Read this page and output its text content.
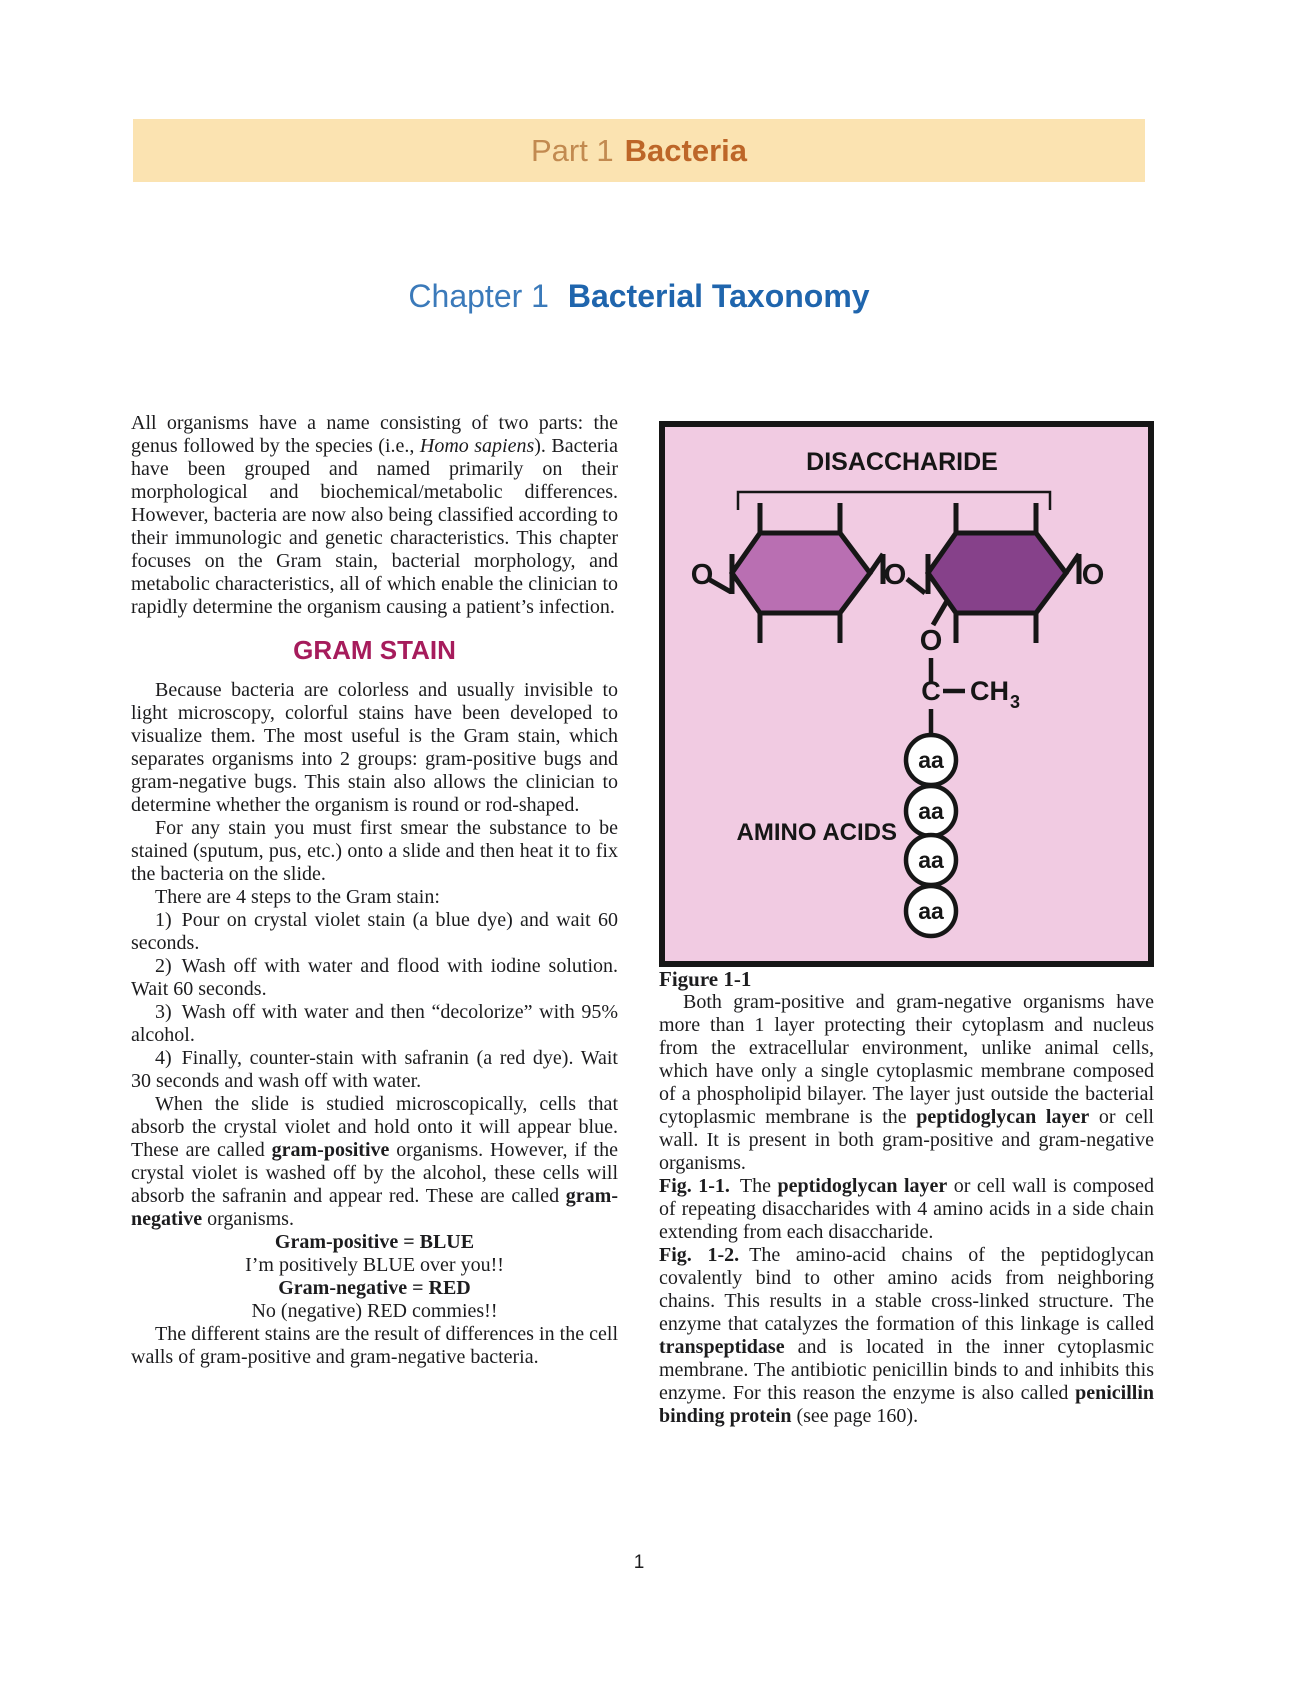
Part 1 Bacteria
Chapter 1 Bacterial Taxonomy

All organisms have a name consisting of two parts: the genus followed by the species (i.e., Homo sapiens). Bacteria have been grouped and named primarily on their morphological and biochemical/metabolic differences. However, bacteria are now also being classified according to their immunologic and genetic characteristics. This chapter focuses on the Gram stain, bacterial morphology, and metabolic characteristics, all of which enable the clinician to rapidly determine the organism causing a patient’s infection.

GRAM STAIN

Because bacteria are colorless and usually invisible to light microscopy, colorful stains have been developed to visualize them. The most useful is the Gram stain, which separates organisms into 2 groups: gram-positive bugs and gram-negative bugs. This stain also allows the clinician to determine whether the organism is round or rod-shaped.

For any stain you must first smear the substance to be stained (sputum, pus, etc.) onto a slide and then heat it to fix the bacteria on the slide.

There are 4 steps to the Gram stain:

1) Pour on crystal violet stain (a blue dye) and wait 60 seconds.

2) Wash off with water and flood with iodine solution. Wait 60 seconds.

3) Wash off with water and then “decolorize” with 95% alcohol.

4) Finally, counter-stain with safranin (a red dye). Wait 30 seconds and wash off with water.

When the slide is studied microscopically, cells that absorb the crystal violet and hold onto it will appear blue. These are called gram-positive organisms. However, if the crystal violet is washed off by the alcohol, these cells will absorb the safranin and appear red. These are called gram-negative organisms.

Gram-positive = BLUE
I’m positively BLUE over you!!

Gram-negative = RED
No (negative) RED commies!!

The different stains are the result of differences in the cell walls of gram-positive and gram-negative bacteria.

DISACCHARIDE
O	O	O
O
C CH 3
aa
aa
aa
aa
AMINO ACIDS

Figure 1-1

Both gram-positive and gram-negative organisms have more than 1 layer protecting their cytoplasm and nucleus from the extracellular environment, unlike animal cells, which have only a single cytoplasmic membrane composed of a phospholipid bilayer. The layer just outside the bacterial cytoplasmic membrane is the peptidoglycan layer or cell wall. It is present in both gram-positive and gram-negative organisms.

Fig. 1-1. The peptidoglycan layer or cell wall is composed of repeating disaccharides with 4 amino acids in a side chain extending from each disaccharide.

Fig. 1-2. The amino-acid chains of the peptidoglycan covalently bind to other amino acids from neighboring chains. This results in a stable cross-linked structure. The enzyme that catalyzes the formation of this linkage is called transpeptidase and is located in the inner cytoplasmic membrane. The antibiotic penicillin binds to and inhibits this enzyme. For this reason the enzyme is also called penicillin binding protein (see page 160).

1
